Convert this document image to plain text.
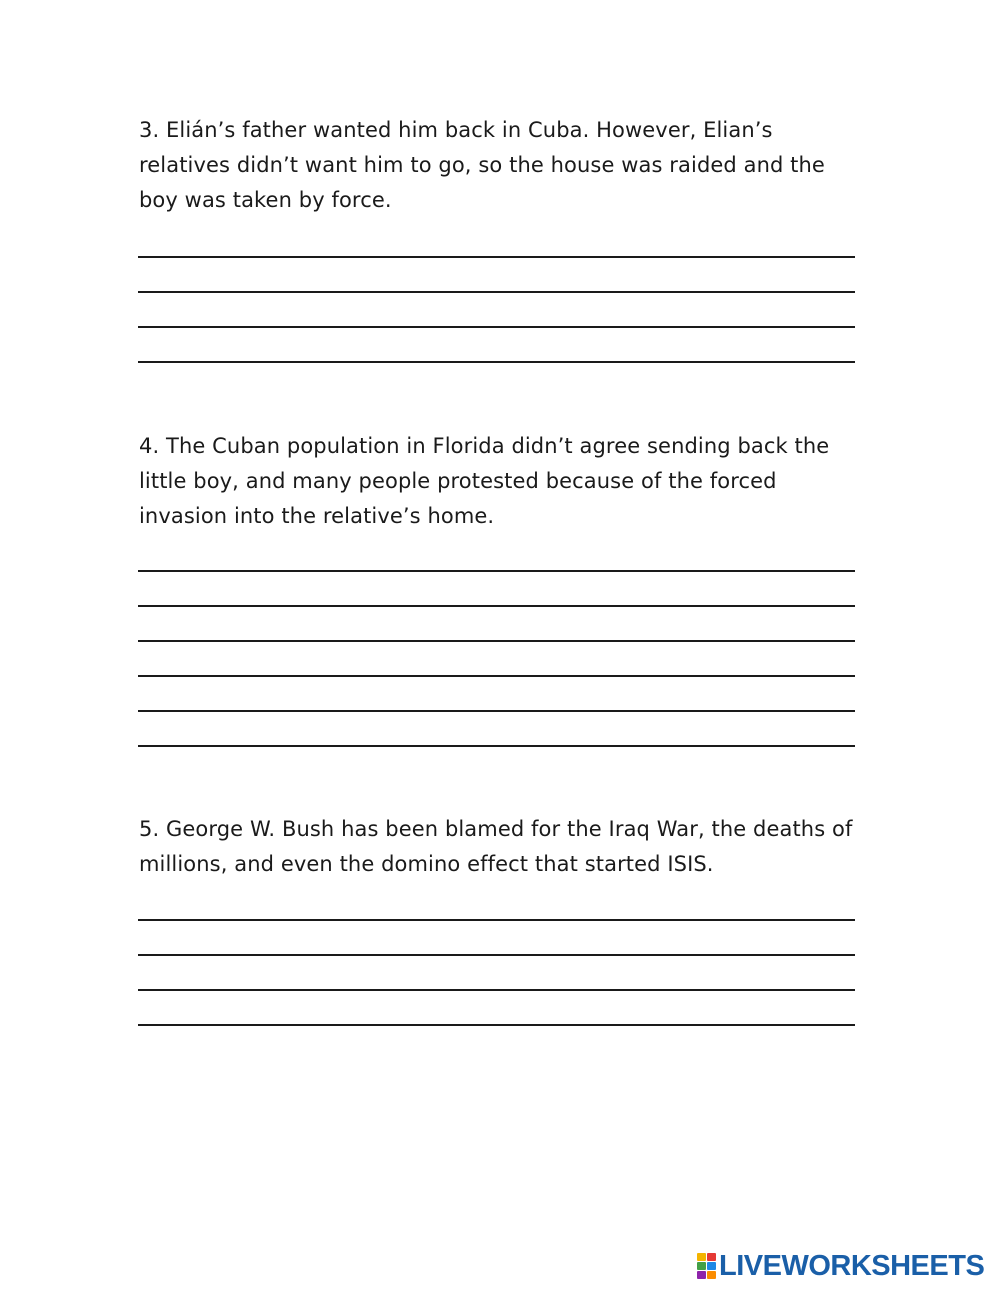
3. Elián’s father wanted him back in Cuba. However, Elian’s relatives didn’t want him to go, so the house was raided and the boy was taken by force.

4. The Cuban population in Florida didn’t agree sending back the little boy, and many people protested because of the forced invasion into the relative’s home.

5. George W. Bush has been blamed for the Iraq War, the deaths of millions, and even the domino effect that started ISIS.

LIVEWORKSHEETS
